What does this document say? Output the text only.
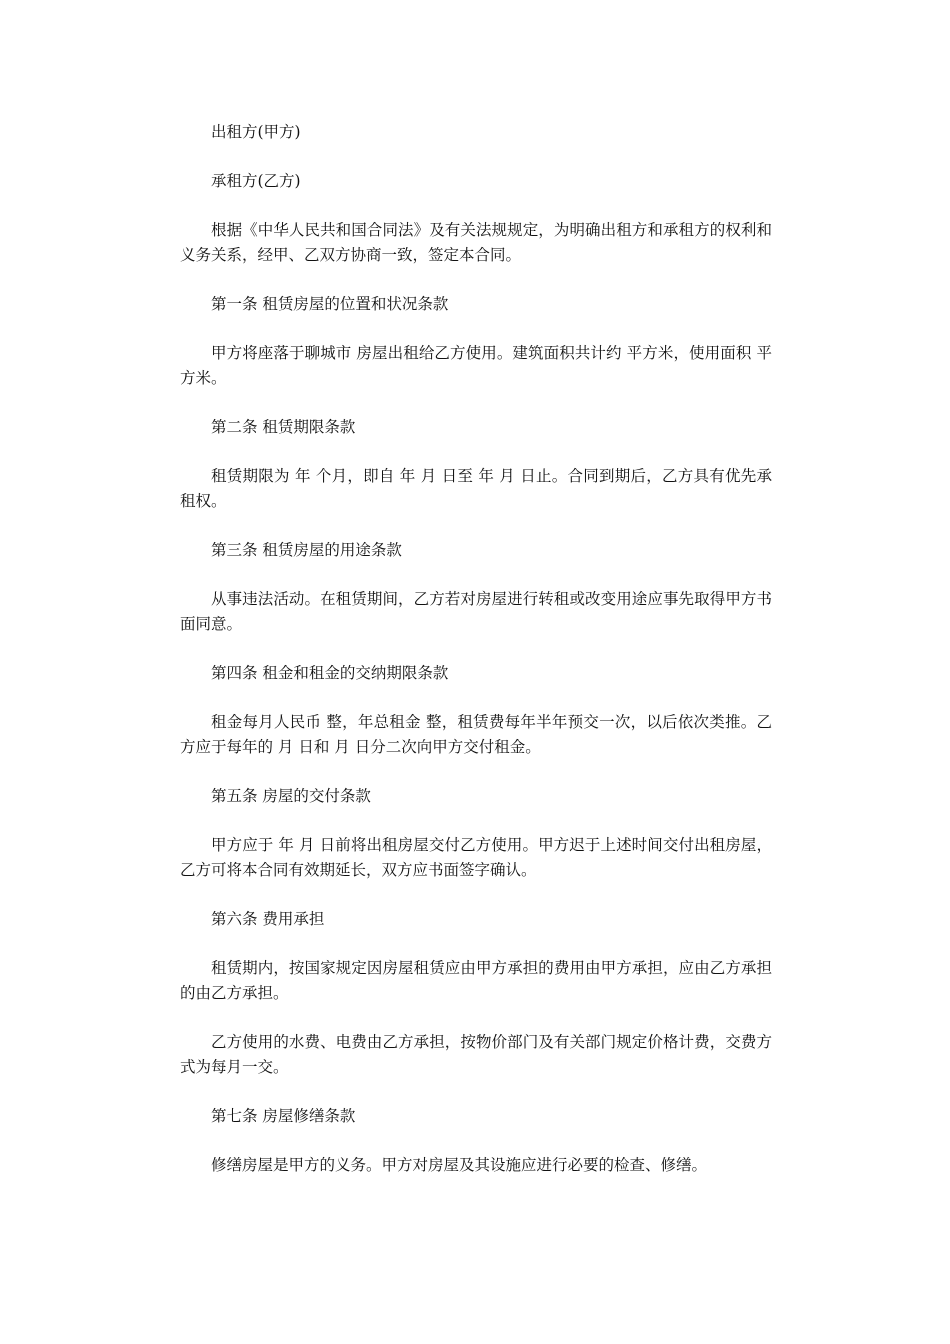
出租方(甲方)

承租方(乙方)

根据《中华人民共和国合同法》及有关法规规定，为明确出租方和承租方的权利和义务关系，经甲、乙双方协商一致，签定本合同。

第一条 租赁房屋的位置和状况条款

甲方将座落于聊城市 房屋出租给乙方使用。建筑面积共计约 平方米，使用面积 平方米。

第二条 租赁期限条款

租赁期限为 年 个月，即自 年 月 日至 年 月 日止。合同到期后，乙方具有优先承租权。

第三条 租赁房屋的用途条款

从事违法活动。在租赁期间，乙方若对房屋进行转租或改变用途应事先取得甲方书面同意。

第四条 租金和租金的交纳期限条款

租金每月人民币 整，年总租金 整，租赁费每年半年预交一次，以后依次类推。乙方应于每年的 月 日和 月 日分二次向甲方交付租金。

第五条 房屋的交付条款

甲方应于 年 月 日前将出租房屋交付乙方使用。甲方迟于上述时间交付出租房屋，乙方可将本合同有效期延长，双方应书面签字确认。

第六条 费用承担

租赁期内，按国家规定因房屋租赁应由甲方承担的费用由甲方承担，应由乙方承担的由乙方承担。

乙方使用的水费、电费由乙方承担，按物价部门及有关部门规定价格计费，交费方式为每月一交。

第七条 房屋修缮条款

修缮房屋是甲方的义务。甲方对房屋及其设施应进行必要的检查、修缮。
